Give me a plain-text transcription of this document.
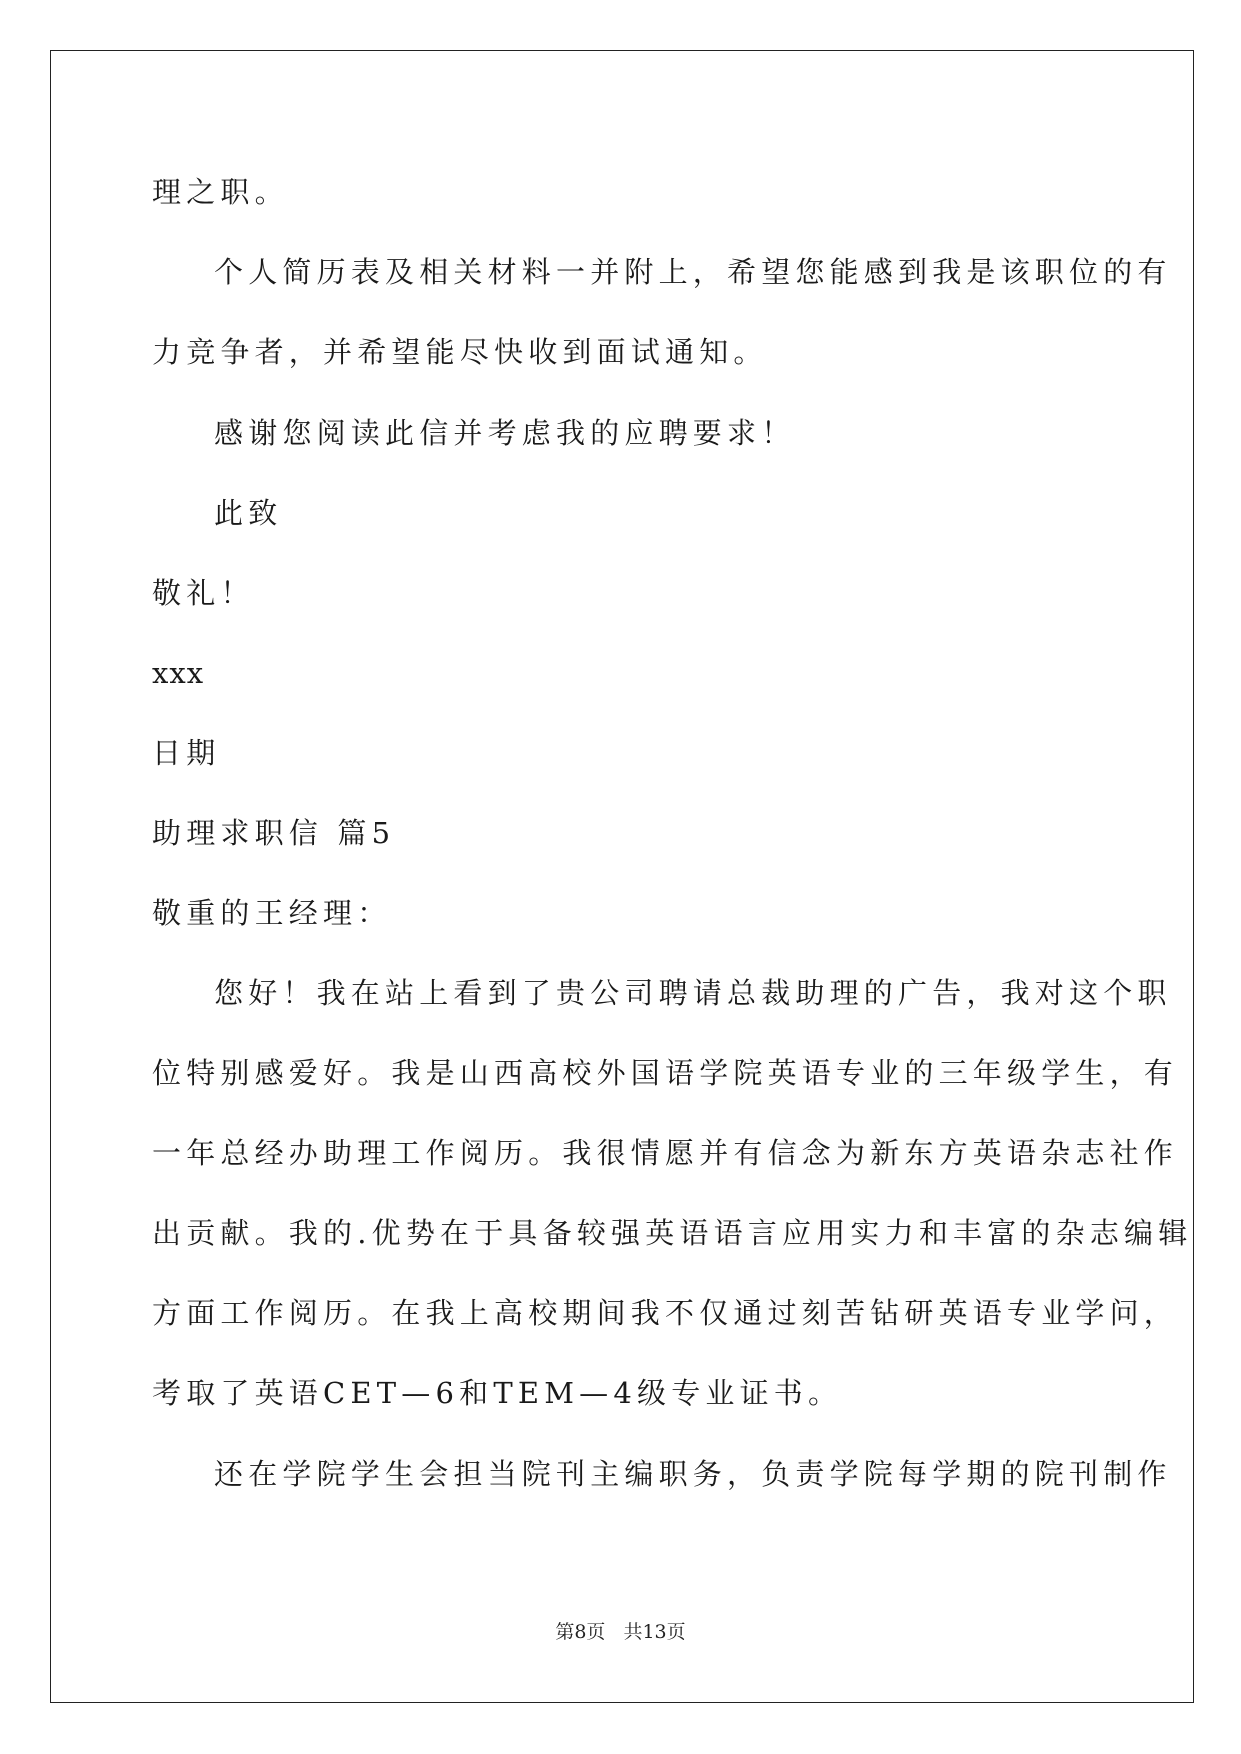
理之职。
个人简历表及相关材料一并附上，希望您能感到我是该职位的有
力竞争者，并希望能尽快收到面试通知。
感谢您阅读此信并考虑我的应聘要求！
此致
敬礼！
xxx
日期
助理求职信 篇5
敬重的王经理：
您好！我在站上看到了贵公司聘请总裁助理的广告，我对这个职
位特别感爱好。我是山西高校外国语学院英语专业的三年级学生，有
一年总经办助理工作阅历。我很情愿并有信念为新东方英语杂志社作
出贡献。我的.优势在于具备较强英语语言应用实力和丰富的杂志编辑
方面工作阅历。在我上高校期间我不仅通过刻苦钻研英语专业学问，
考取了英语CET—6和TEM—4级专业证书。
还在学院学生会担当院刊主编职务，负责学院每学期的院刊制作
第8页 共13页
